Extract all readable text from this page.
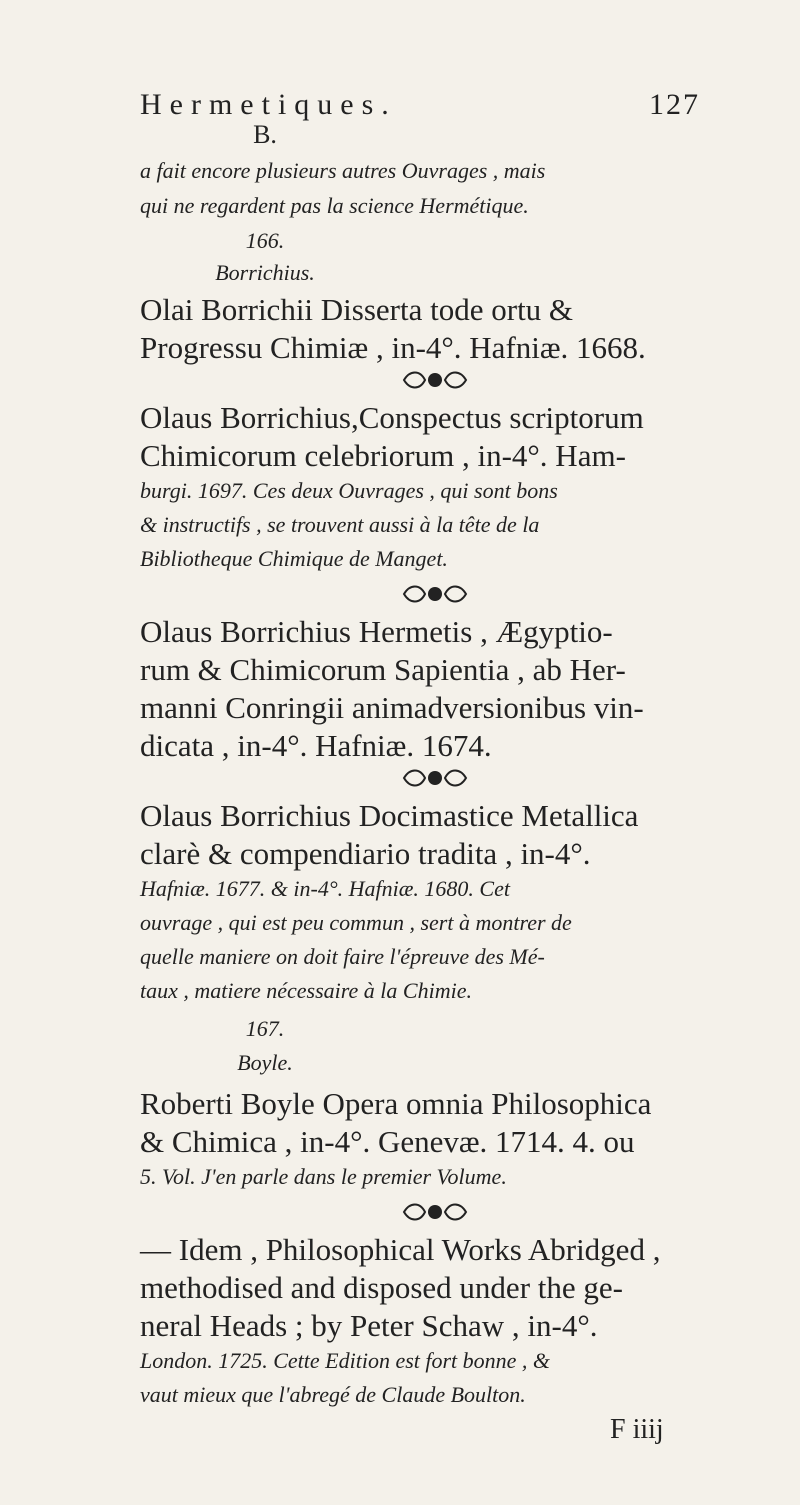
Hermetiques.	127
B.
a fait encore plusieurs autres Ouvrages , mais
qui ne regardent pas la science Hermétique.
166.
Borrichius.
Olai Borrichii Disserta tode ortu &
Progressu Chimiæ , in-4°. Hafniæ. 1668.
Olaus Borrichius,Conspectus scriptorum
Chimicorum celebriorum , in-4°. Ham-
burgi. 1697. Ces deux Ouvrages , qui sont bons
& instructifs , se trouvent aussi à la tête de la
Bibliotheque Chimique de Manget.
Olaus Borrichius Hermetis , Ægyptio-
rum & Chimicorum Sapientia , ab Her-
manni Conringii animadversionibus vin-
dicata , in-4°. Hafniæ. 1674.
Olaus Borrichius Docimastice Metallica
clarè & compendiario tradita , in-4°.
Hafniæ. 1677. & in-4°. Hafniæ. 1680. Cet
ouvrage , qui est peu commun , sert à montrer de
quelle maniere on doit faire l'épreuve des Mé-
taux , matiere nécessaire à la Chimie.
167.
Boyle.
Roberti Boyle Opera omnia Philosophica
& Chimica , in-4°. Genevæ. 1714. 4. ou
5. Vol. J'en parle dans le premier Volume.
— Idem , Philosophical Works Abridged ,
methodised and disposed under the ge-
neral Heads ; by Peter Schaw , in-4°.
London. 1725. Cette Edition est fort bonne , &
vaut mieux que l'abregé de Claude Boulton.
F iiij
